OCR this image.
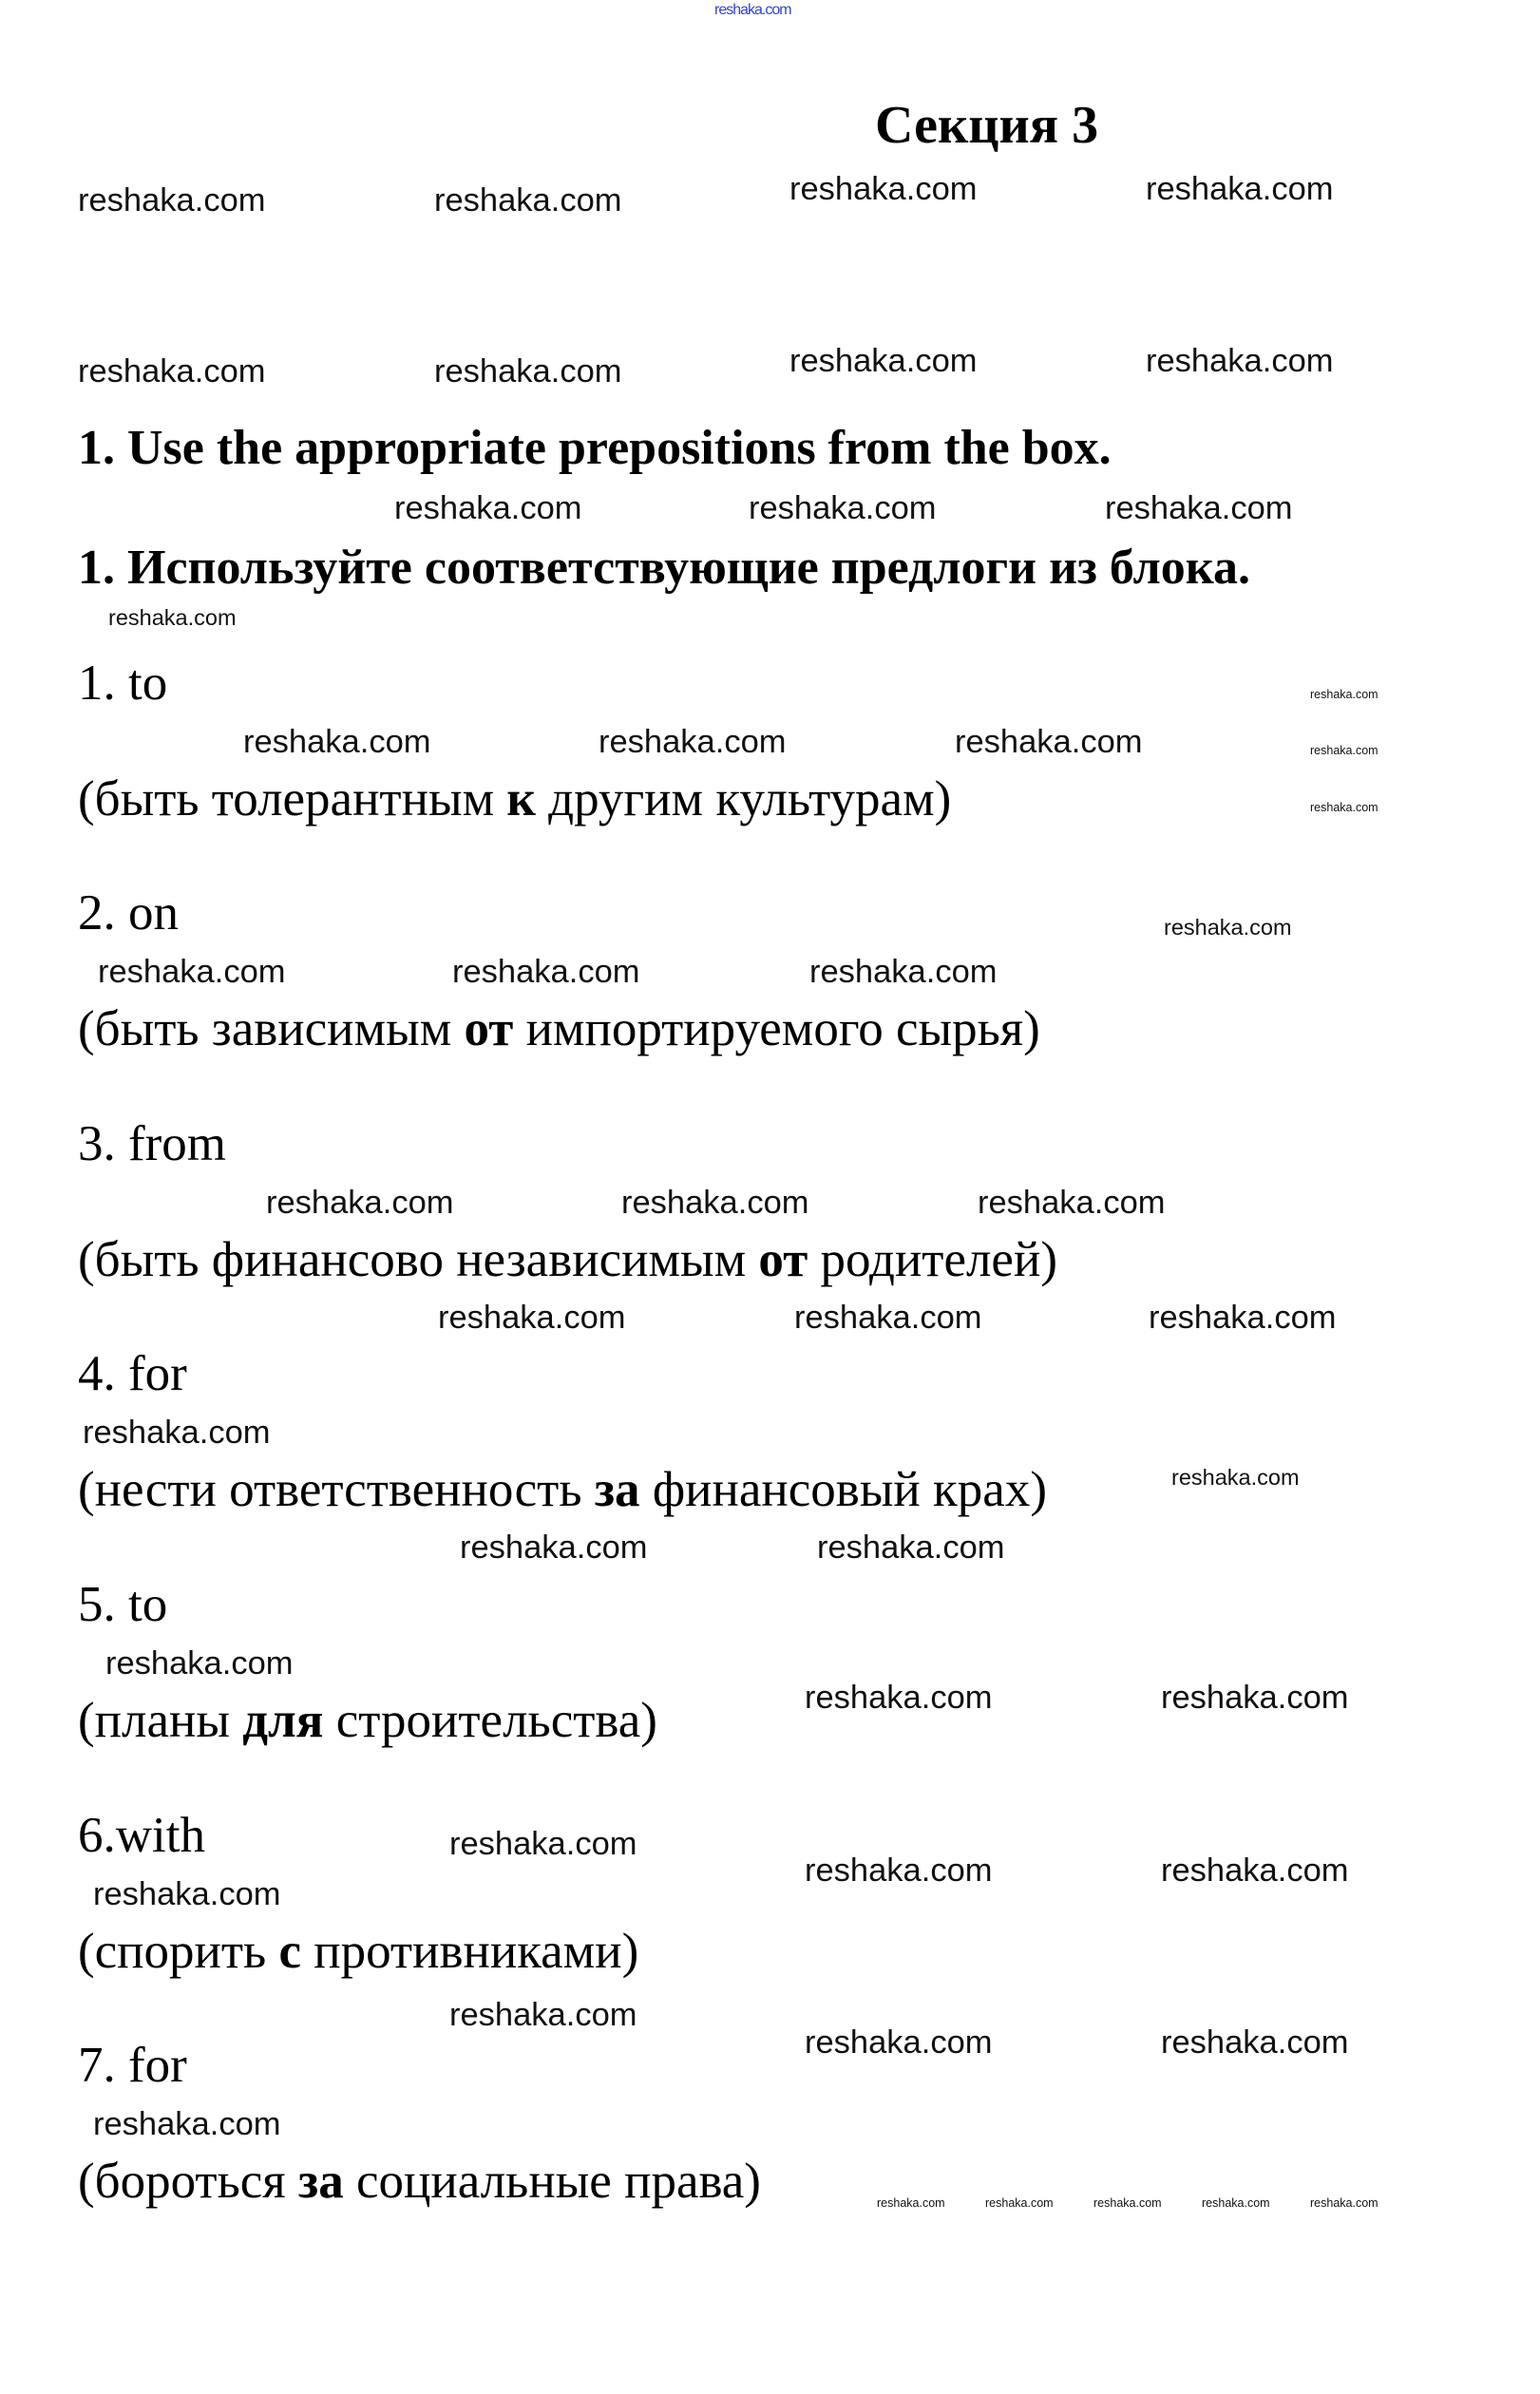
reshaka.com
Секция 3
1. Use the appropriate prepositions from the box.
1. Используйте соответствующие предлоги из блока.
1. to
(быть толерантным к другим культурам)
2. on
(быть зависимым от импортируемого сырья)
3. from
(быть финансово независимым от родителей)
4. for
(нести ответственность за финансовый крах)
5. to
(планы для строительства)
6.with
(спорить с противниками)
7. for
(бороться за социальные права)
reshaka.com	reshaka.com	reshaka.com	reshaka.com
reshaka.com	reshaka.com	reshaka.com	reshaka.com
reshaka.com	reshaka.com	reshaka.com
reshaka.com
reshaka.com
reshaka.com
reshaka.com
reshaka.com	reshaka.com	reshaka.com
reshaka.com
reshaka.com	reshaka.com	reshaka.com
reshaka.com	reshaka.com	reshaka.com
reshaka.com	reshaka.com	reshaka.com
reshaka.com
reshaka.com
reshaka.com	reshaka.com
reshaka.com
reshaka.com	reshaka.com
reshaka.com
reshaka.com
reshaka.com	reshaka.com
reshaka.com
reshaka.com	reshaka.com
reshaka.com
reshaka.com	reshaka.com	reshaka.com	reshaka.com	reshaka.com
